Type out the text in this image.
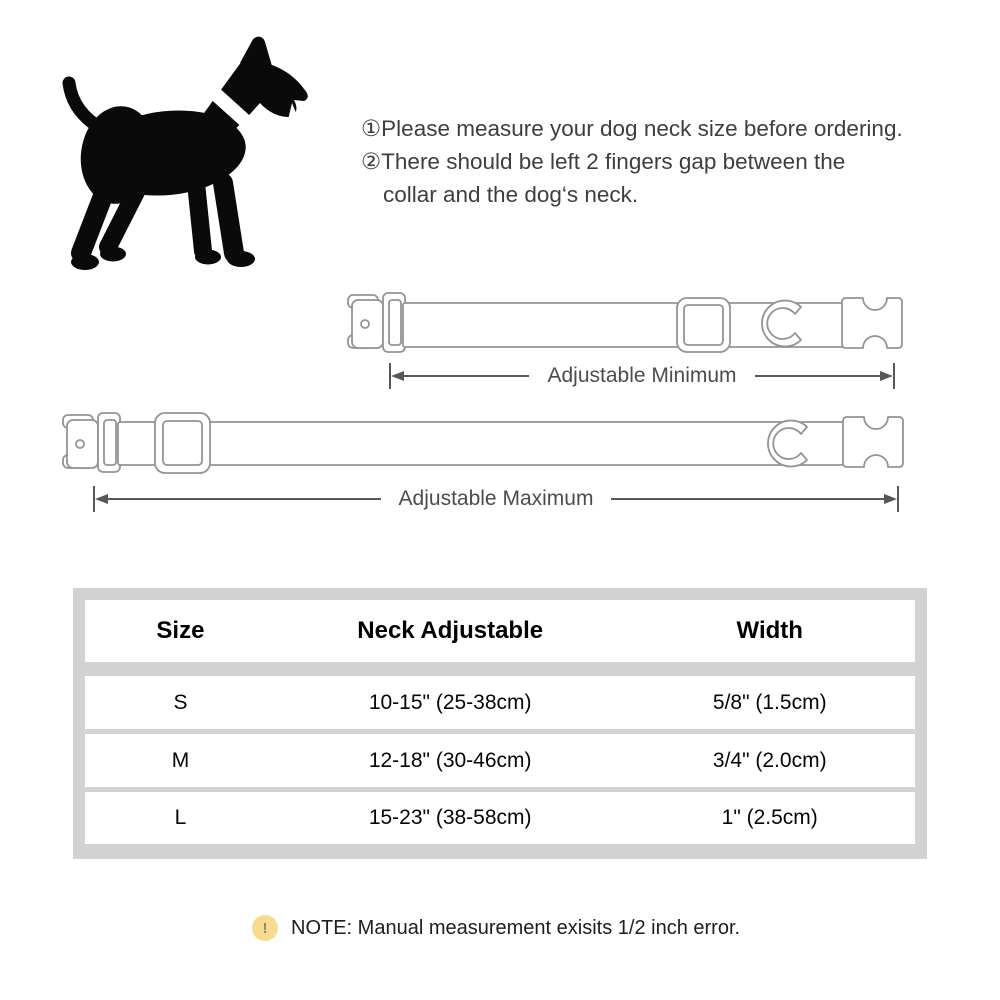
①Please measure your dog neck size before ordering.
②There should be left 2 fingers gap between the
collar and the dog‘s neck.
Adjustable Minimum
Adjustable Maximum
Size	Neck Adjustable	Width
S	10-15" (25-38cm)	5/8" (1.5cm)
M	12-18" (30-46cm)	3/4" (2.0cm)
L	15-23" (38-58cm)	1" (2.5cm)
!	NOTE: Manual measurement exisits 1/2 inch error.
